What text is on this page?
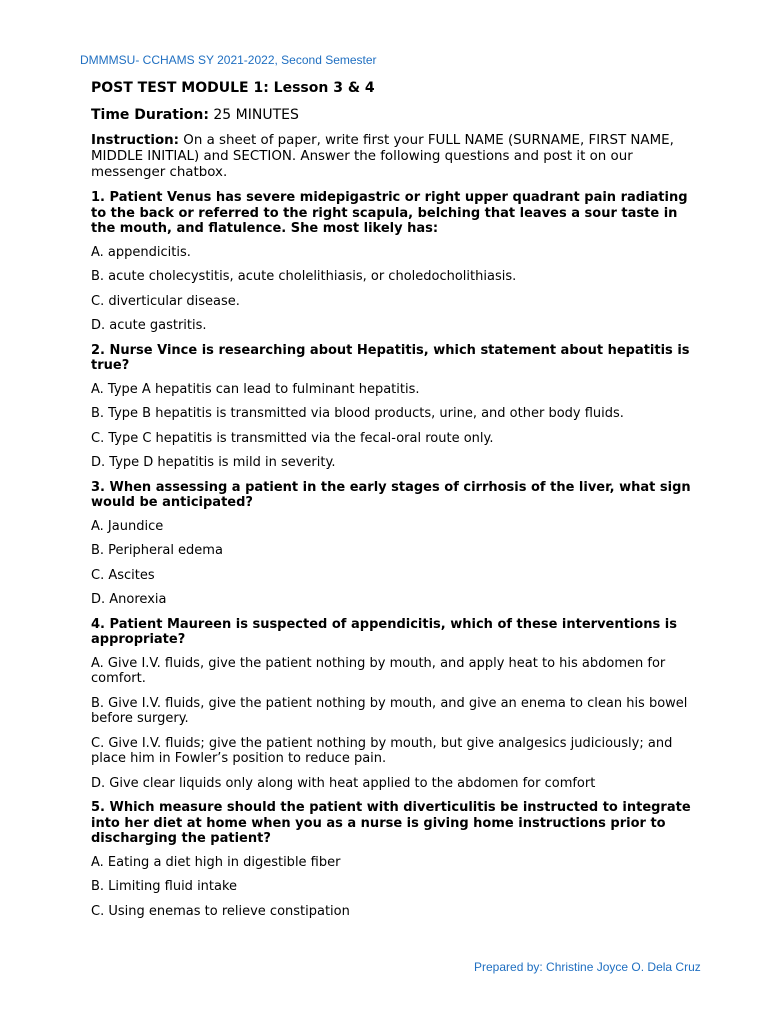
DMMMSU- CCHAMS SY 2021-2022, Second Semester
POST TEST MODULE 1: Lesson 3 & 4
Time Duration: 25 MINUTES
Instruction: On a sheet of paper, write first your FULL NAME (SURNAME, FIRST NAME, MIDDLE INITIAL) and SECTION. Answer the following questions and post it on our messenger chatbox.
1. Patient Venus has severe midepigastric or right upper quadrant pain radiating to the back or referred to the right scapula, belching that leaves a sour taste in the mouth, and flatulence. She most likely has:
A. appendicitis.
B. acute cholecystitis, acute cholelithiasis, or choledocholithiasis.
C. diverticular disease.
D. acute gastritis.
2. Nurse Vince is researching about Hepatitis, which statement about hepatitis is true?
A. Type A hepatitis can lead to fulminant hepatitis.
B. Type B hepatitis is transmitted via blood products, urine, and other body fluids.
C. Type C hepatitis is transmitted via the fecal-oral route only.
D. Type D hepatitis is mild in severity.
3. When assessing a patient in the early stages of cirrhosis of the liver, what sign would be anticipated?
A. Jaundice
B. Peripheral edema
C. Ascites
D. Anorexia
4. Patient Maureen is suspected of appendicitis, which of these interventions is appropriate?
A. Give I.V. fluids, give the patient nothing by mouth, and apply heat to his abdomen for comfort.
B. Give I.V. fluids, give the patient nothing by mouth, and give an enema to clean his bowel before surgery.
C. Give I.V. fluids; give the patient nothing by mouth, but give analgesics judiciously; and place him in Fowler’s position to reduce pain.
D. Give clear liquids only along with heat applied to the abdomen for comfort
5. Which measure should the patient with diverticulitis be instructed to integrate into her diet at home when you as a nurse is giving home instructions prior to discharging the patient?
A. Eating a diet high in digestible fiber
B. Limiting fluid intake
C. Using enemas to relieve constipation
Prepared by: Christine Joyce O. Dela Cruz
